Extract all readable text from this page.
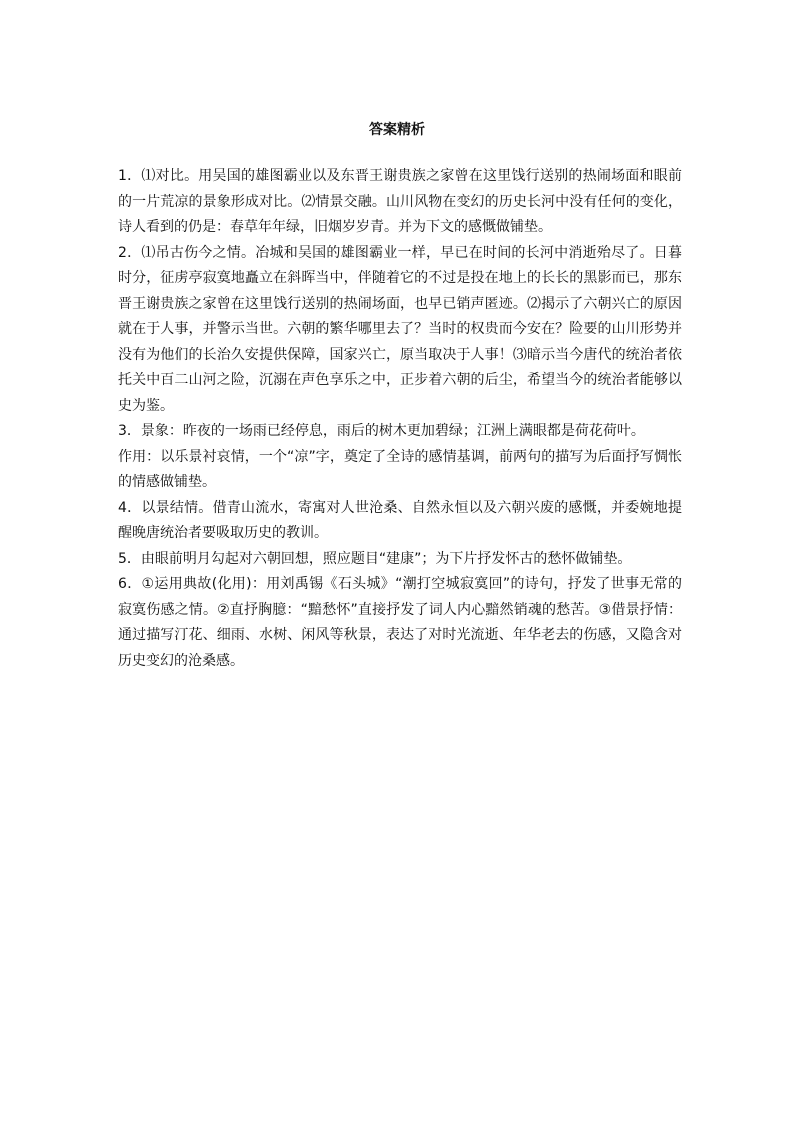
答案精析

1．⑴对比。用吴国的雄图霸业以及东晋王谢贵族之家曾在这里饯行送别的热闹场面和眼前的一片荒凉的景象形成对比。⑵情景交融。山川风物在变幻的历史长河中没有任何的变化，诗人看到的仍是：春草年年绿，旧烟岁岁青。并为下文的感慨做铺垫。

2．⑴吊古伤今之情。冶城和吴国的雄图霸业一样，早已在时间的长河中消逝殆尽了。日暮时分，征虏亭寂寞地矗立在斜晖当中，伴随着它的不过是投在地上的长长的黑影而已，那东晋王谢贵族之家曾在这里饯行送别的热闹场面，也早已销声匿迹。⑵揭示了六朝兴亡的原因就在于人事，并警示当世。六朝的繁华哪里去了？当时的权贵而今安在？险要的山川形势并没有为他们的长治久安提供保障，国家兴亡，原当取决于人事！⑶暗示当今唐代的统治者依托关中百二山河之险，沉溺在声色享乐之中，正步着六朝的后尘，希望当今的统治者能够以史为鉴。

3．景象：昨夜的一场雨已经停息，雨后的树木更加碧绿；江洲上满眼都是荷花荷叶。

作用：以乐景衬哀情，一个“凉”字，奠定了全诗的感情基调，前两句的描写为后面抒写惆怅的情感做铺垫。

4．以景结情。借青山流水，寄寓对人世沧桑、自然永恒以及六朝兴废的感慨，并委婉地提醒晚唐统治者要吸取历史的教训。

5．由眼前明月勾起对六朝回想，照应题目“建康”；为下片抒发怀古的愁怀做铺垫。

6．①运用典故(化用)：用刘禹锡《石头城》“潮打空城寂寞回”的诗句，抒发了世事无常的寂寞伤感之情。②直抒胸臆：“黯愁怀”直接抒发了词人内心黯然销魂的愁苦。③借景抒情：通过描写汀花、细雨、水树、闲风等秋景，表达了对时光流逝、年华老去的伤感，又隐含对历史变幻的沧桑感。
